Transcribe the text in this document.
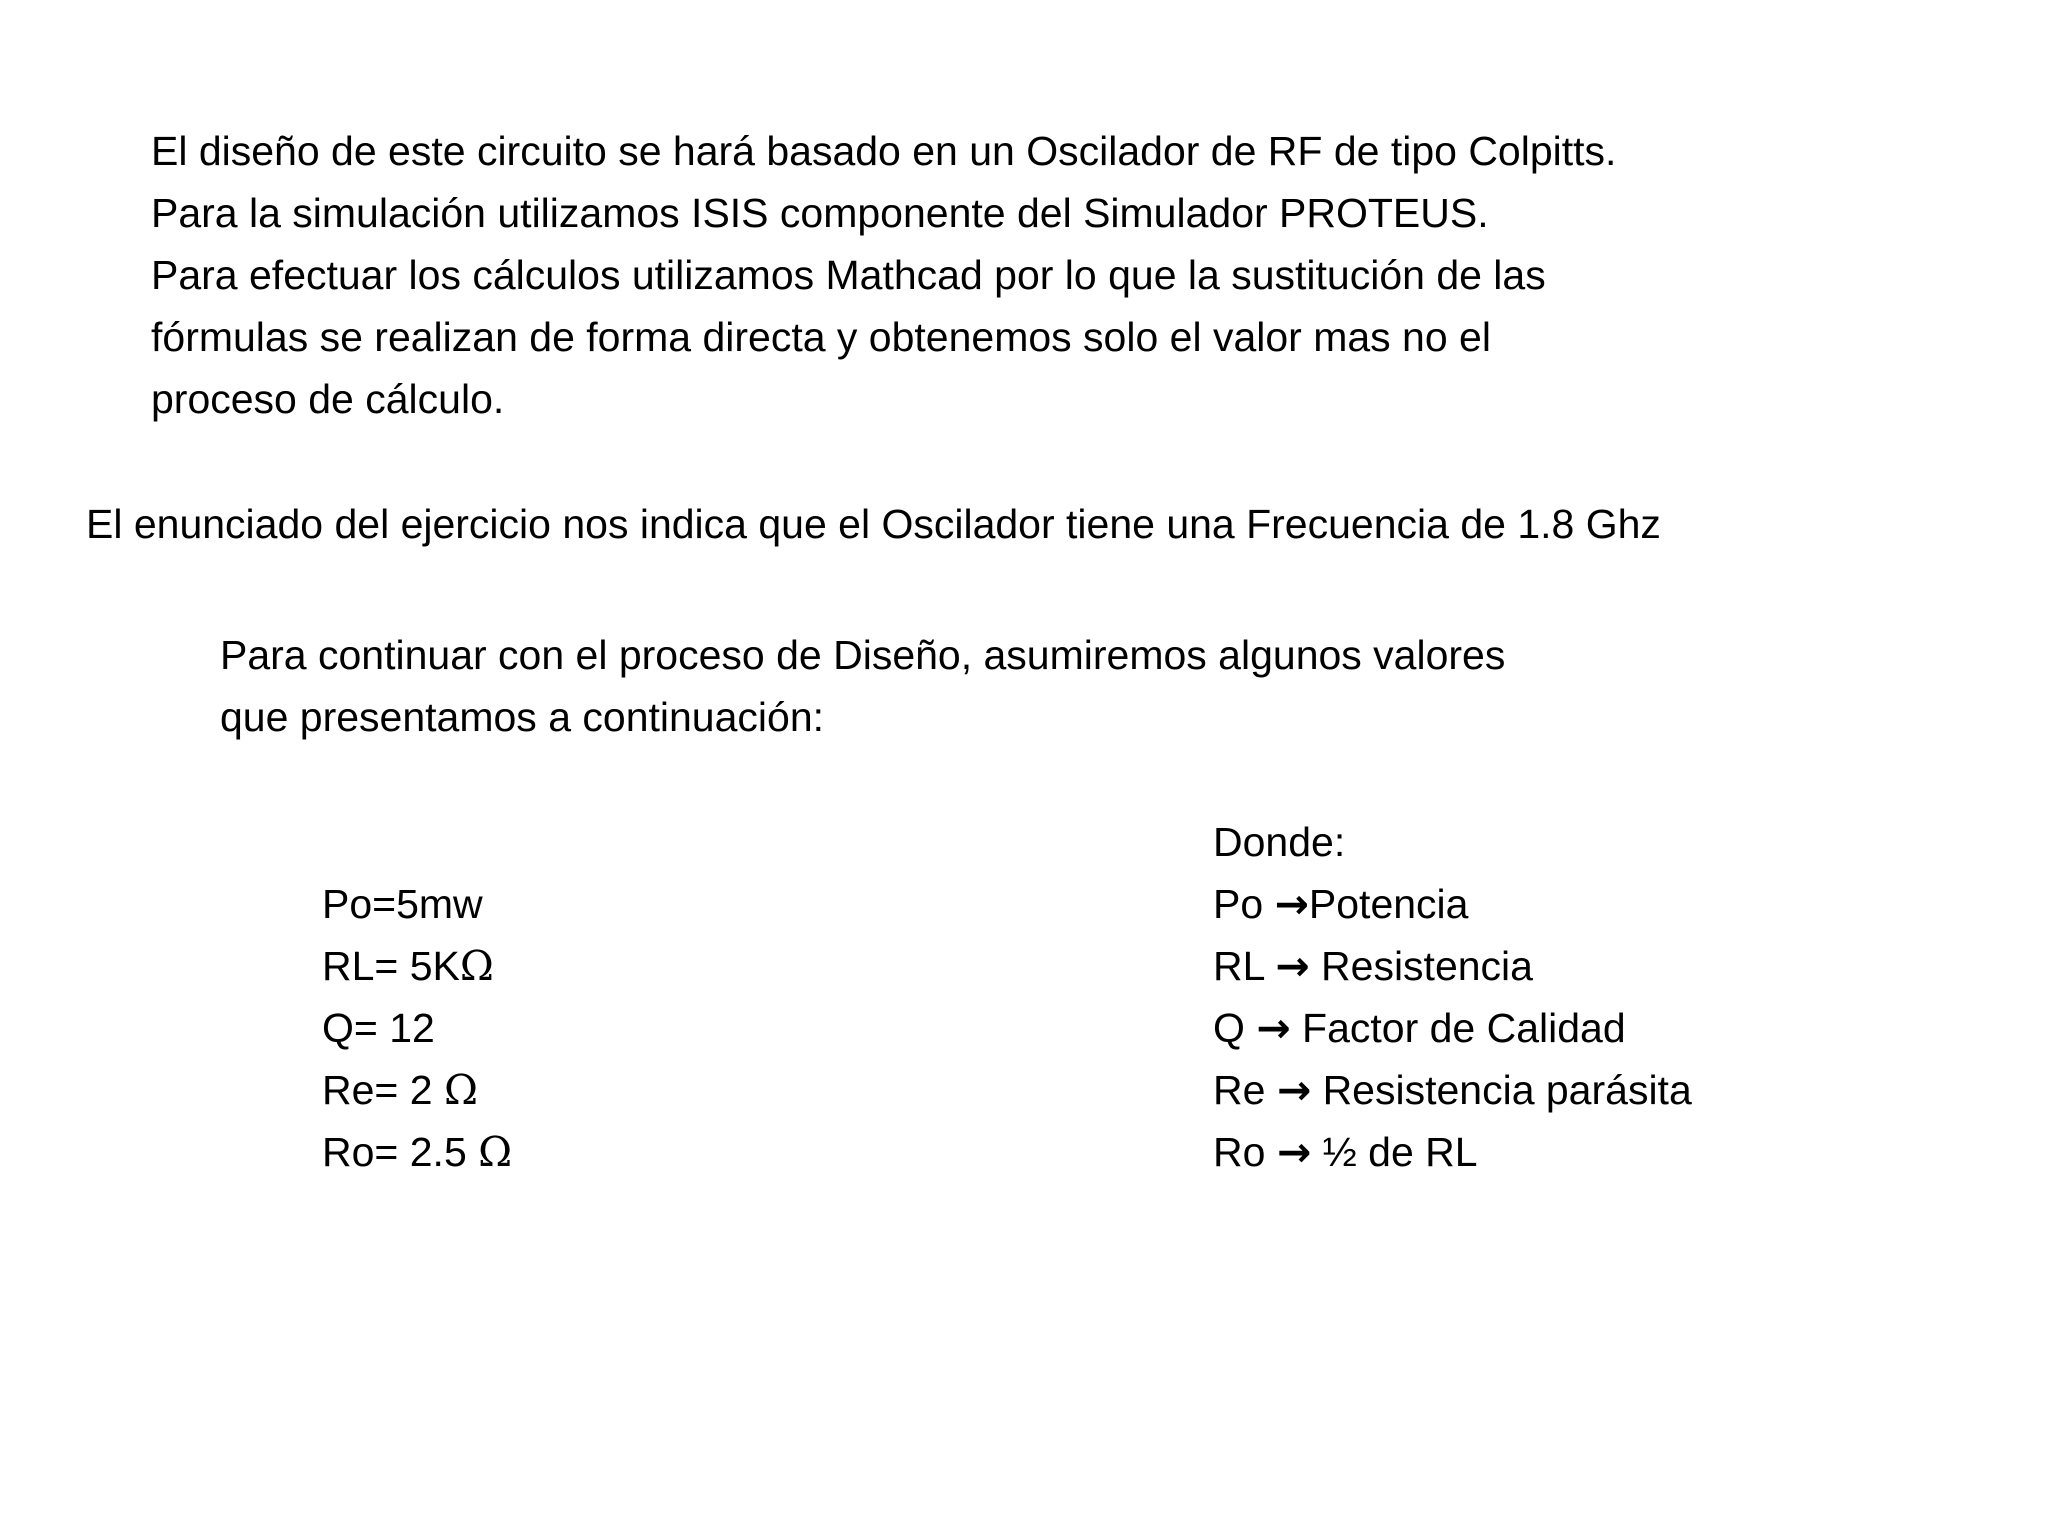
El diseño de este circuito se hará basado en un Oscilador de RF de tipo Colpitts.
Para la simulación utilizamos ISIS componente del Simulador PROTEUS.
Para efectuar los cálculos utilizamos Mathcad por lo que la sustitución de las
fórmulas se realizan de forma directa y obtenemos solo el valor mas no el
proceso de cálculo.
El enunciado del ejercicio nos indica que el Oscilador tiene una Frecuencia de 1.8 Ghz
Para continuar con el proceso de Diseño, asumiremos algunos valores
que presentamos a continuación:
Po=5mw
RL= 5KΩ
Q= 12
Re= 2 Ω
Ro= 2.5 Ω
Donde:
Po →Potencia
RL → Resistencia
Q → Factor de Calidad
Re → Resistencia parásita
Ro → ½ de RL
